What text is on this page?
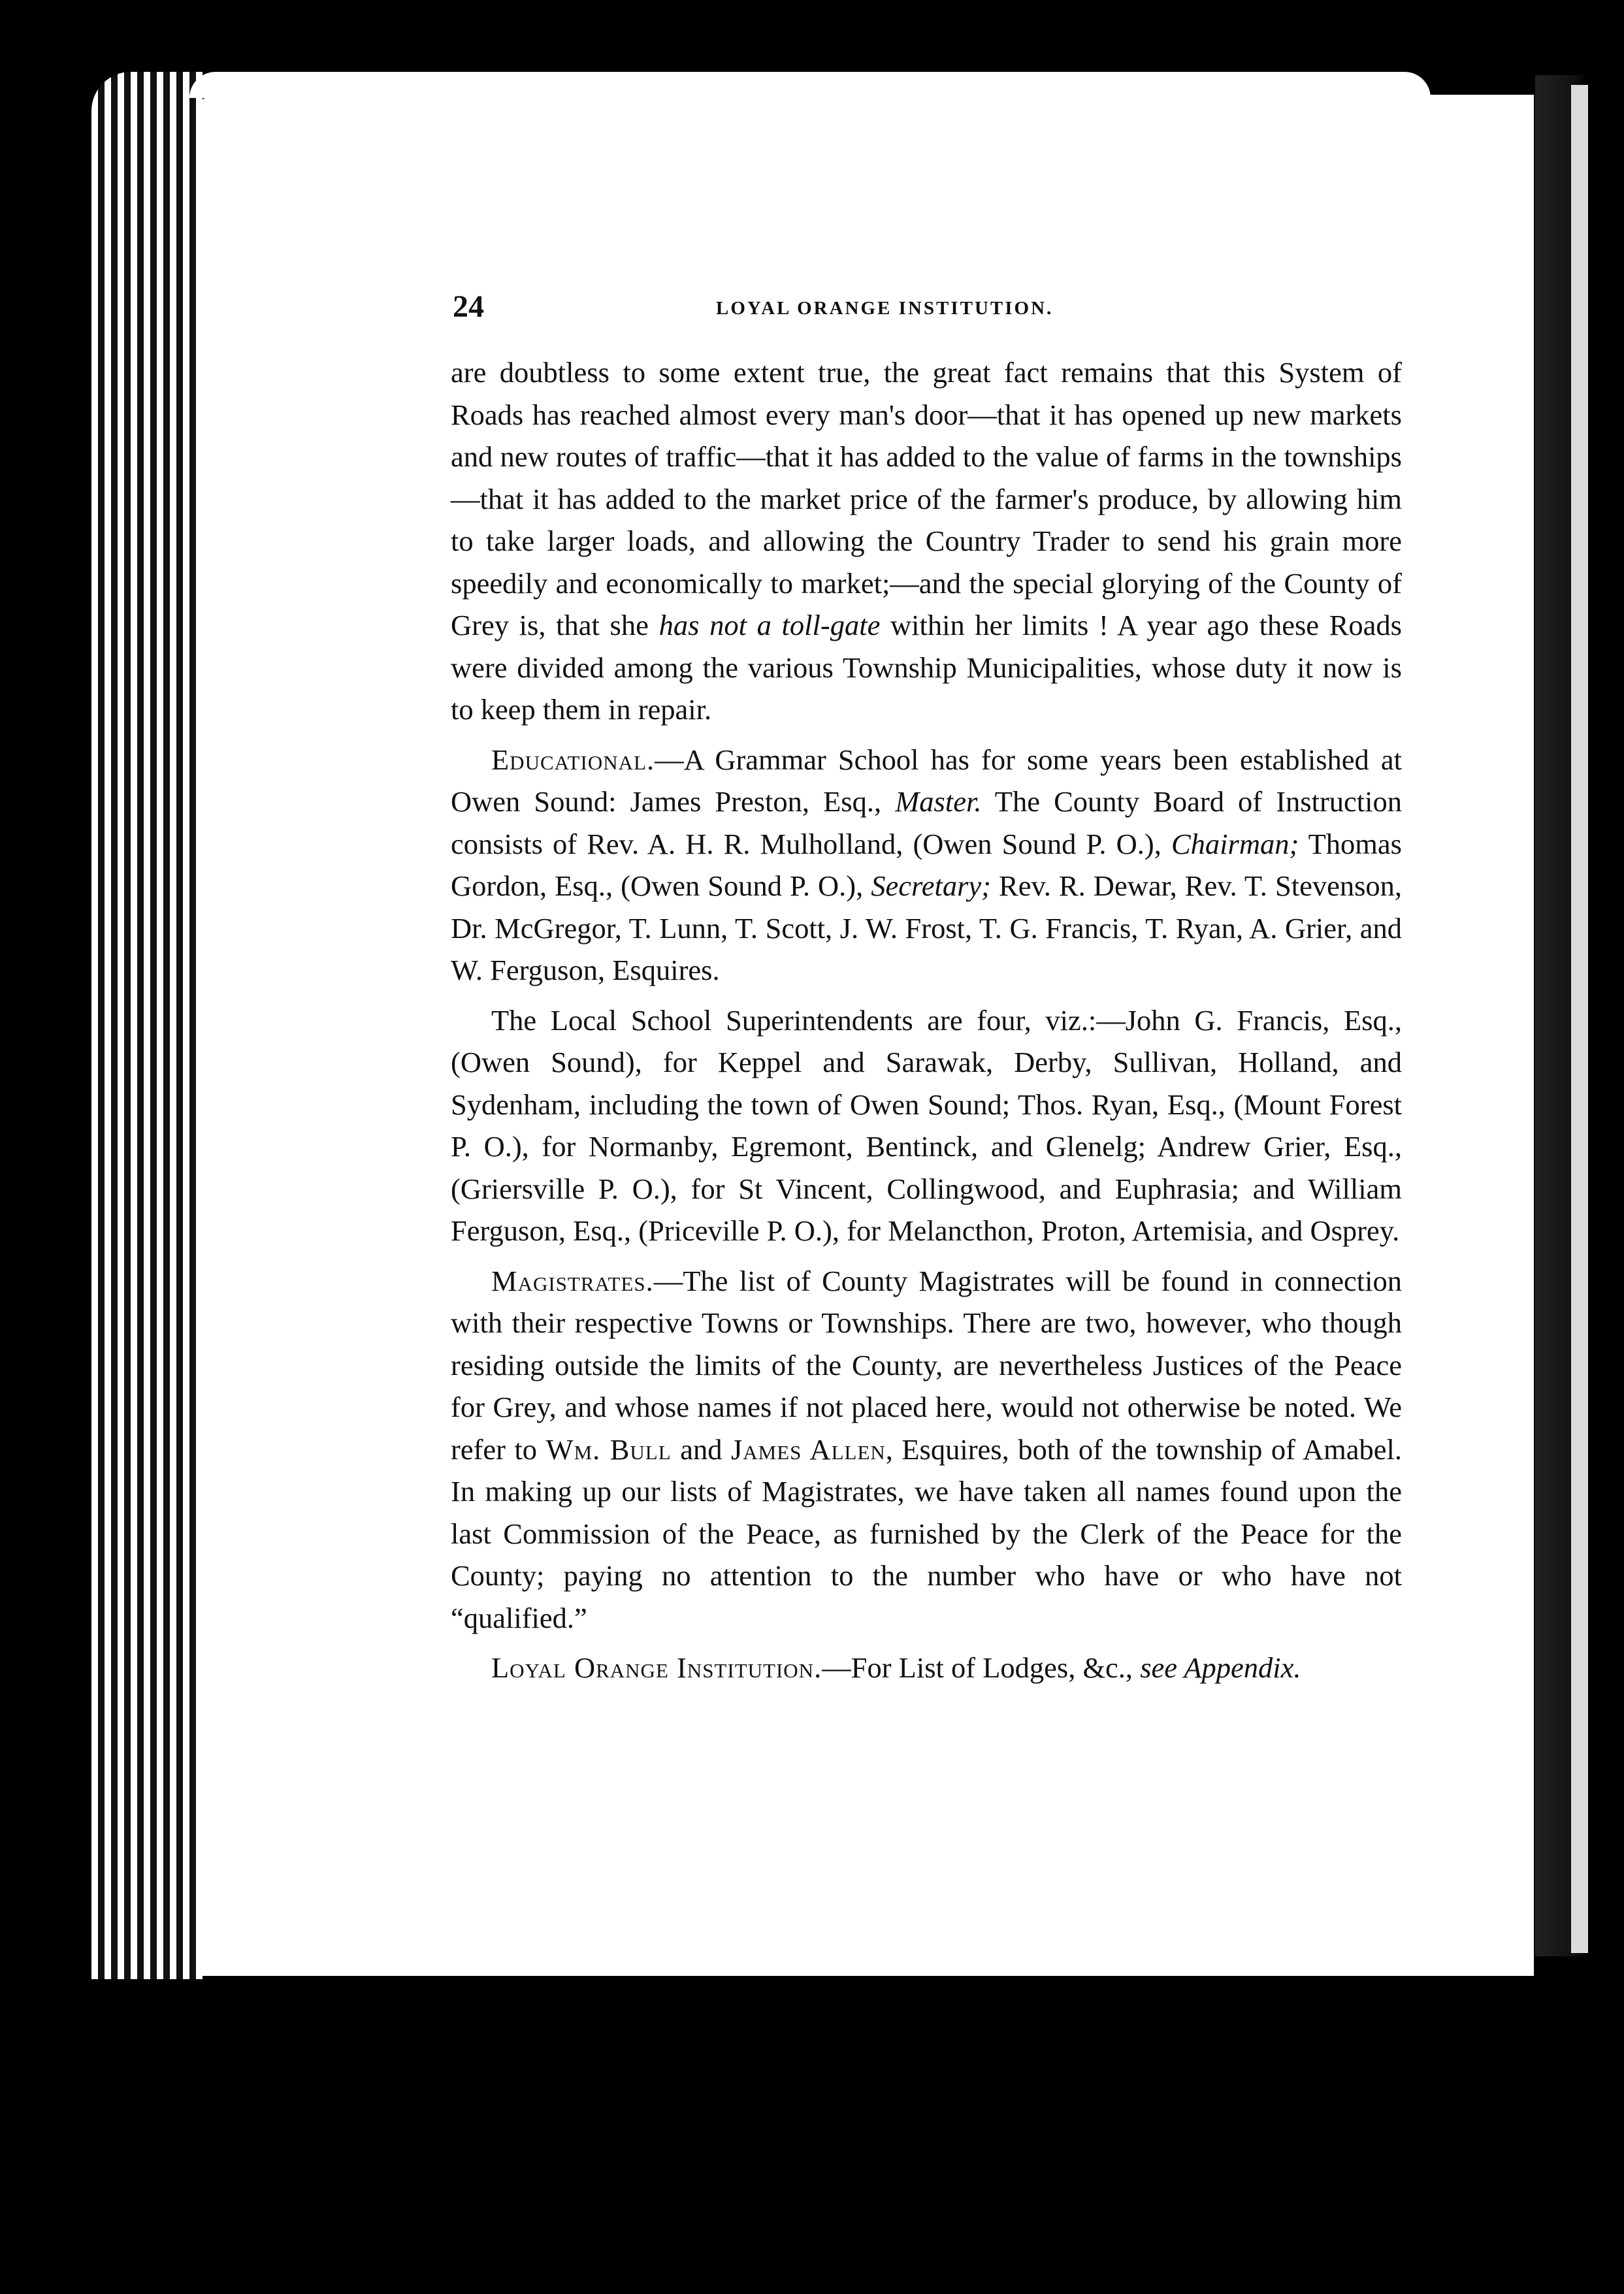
24	LOYAL ORANGE INSTITUTION.

are doubtless to some extent true, the great fact remains that this System of Roads has reached almost every man's door—that it has opened up new markets and new routes of traffic—that it has added to the value of farms in the townships—that it has added to the market price of the farmer's produce, by allowing him to take larger loads, and allowing the Country Trader to send his grain more speedily and economically to market;—and the special glorying of the County of Grey is, that she has not a toll-gate within her limits ! A year ago these Roads were divided among the various Township Municipalities, whose duty it now is to keep them in repair.

Educational.—A Grammar School has for some years been established at Owen Sound: James Preston, Esq., Master. The County Board of Instruction consists of Rev. A. H. R. Mulholland, (Owen Sound P. O.), Chairman; Thomas Gordon, Esq., (Owen Sound P. O.), Secretary; Rev. R. Dewar, Rev. T. Stevenson, Dr. McGregor, T. Lunn, T. Scott, J. W. Frost, T. G. Francis, T. Ryan, A. Grier, and W. Ferguson, Esquires.

The Local School Superintendents are four, viz.:—John G. Francis, Esq., (Owen Sound), for Keppel and Sarawak, Derby, Sullivan, Holland, and Sydenham, including the town of Owen Sound; Thos. Ryan, Esq., (Mount Forest P. O.), for Normanby, Egremont, Bentinck, and Glenelg; Andrew Grier, Esq., (Griersville P. O.), for St Vincent, Collingwood, and Euphrasia; and William Ferguson, Esq., (Priceville P. O.), for Melancthon, Proton, Artemisia, and Osprey.

Magistrates.—The list of County Magistrates will be found in connection with their respective Towns or Townships. There are two, however, who though residing outside the limits of the County, are nevertheless Justices of the Peace for Grey, and whose names if not placed here, would not otherwise be noted. We refer to Wm. Bull and James Allen, Esquires, both of the township of Amabel. In making up our lists of Magistrates, we have taken all names found upon the last Commission of the Peace, as furnished by the Clerk of the Peace for the County; paying no attention to the number who have or who have not “qualified.”

Loyal Orange Institution.—For List of Lodges, &c., see Appendix.
